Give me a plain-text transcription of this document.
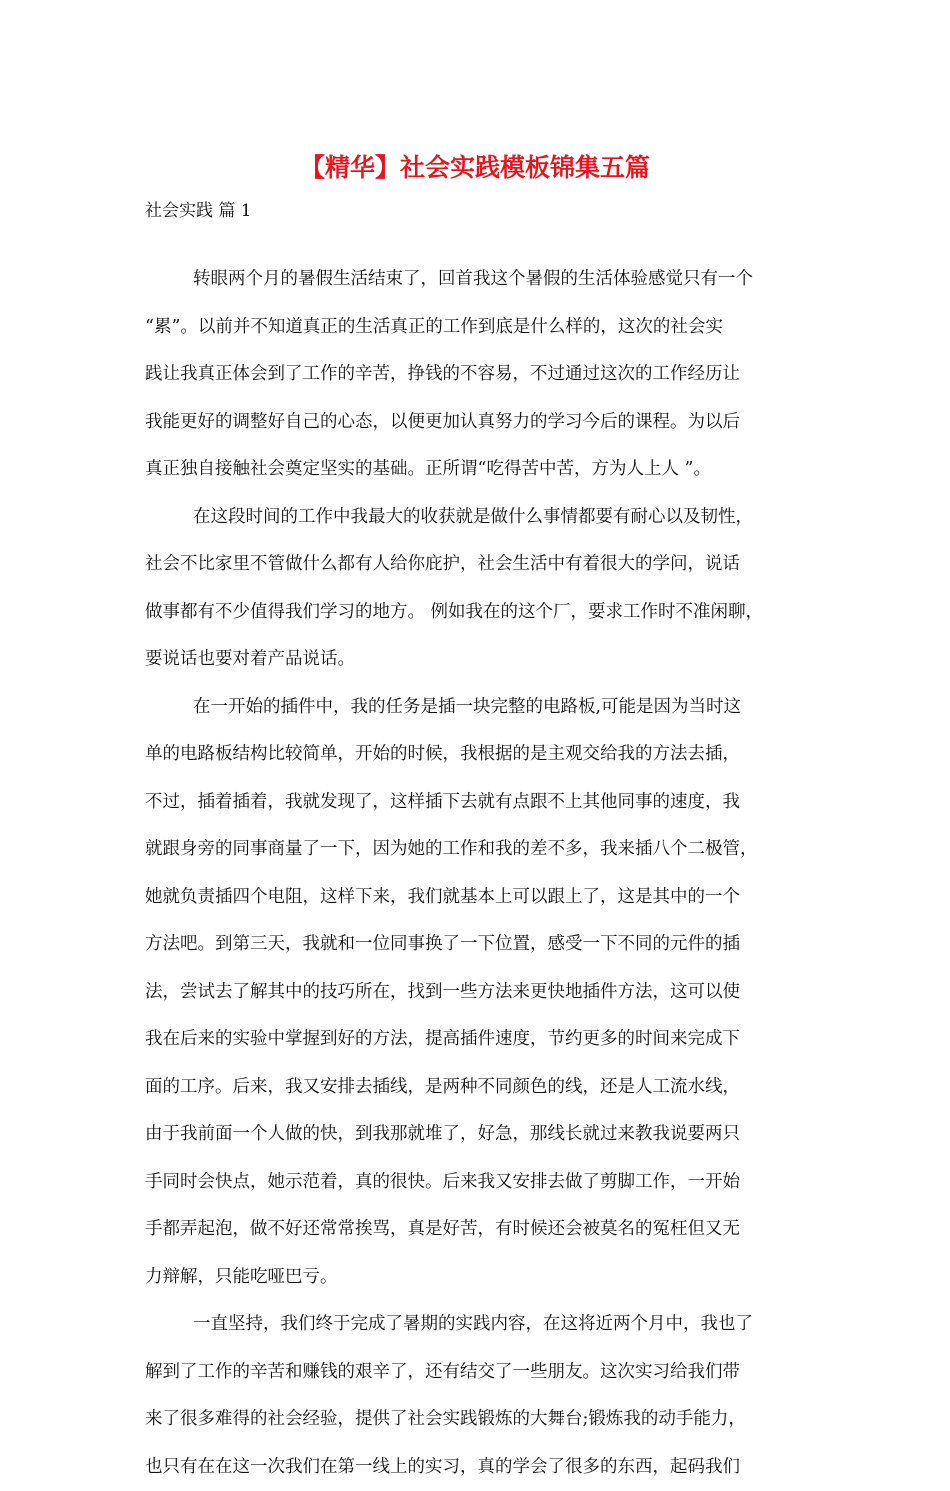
【精华】社会实践模板锦集五篇
社会实践 篇 1

转眼两个月的暑假生活结束了，回首我这个暑假的生活体验感觉只有一个
“累”。以前并不知道真正的生活真正的工作到底是什么样的，这次的社会实
践让我真正体会到了工作的辛苦，挣钱的不容易，不过通过这次的工作经历让
我能更好的调整好自己的心态，以便更加认真努力的学习今后的课程。为以后
真正独自接触社会奠定坚实的基础。正所谓“吃得苦中苦，方为人上人 ”。

在这段时间的工作中我最大的收获就是做什么事情都要有耐心以及韧性，
社会不比家里不管做什么都有人给你庇护，社会生活中有着很大的学问，说话
做事都有不少值得我们学习的地方。 例如我在的这个厂，要求工作时不准闲聊，
要说话也要对着产品说话。

在一开始的插件中，我的任务是插一块完整的电路板,可能是因为当时这
单的电路板结构比较简单，开始的时候，我根据的是主观交给我的方法去插，
不过，插着插着，我就发现了，这样插下去就有点跟不上其他同事的速度，我
就跟身旁的同事商量了一下，因为她的工作和我的差不多，我来插八个二极管，
她就负责插四个电阻，这样下来，我们就基本上可以跟上了，这是其中的一个
方法吧。到第三天，我就和一位同事换了一下位置，感受一下不同的元件的插
法，尝试去了解其中的技巧所在，找到一些方法来更快地插件方法，这可以使
我在后来的实验中掌握到好的方法，提高插件速度，节约更多的时间来完成下
面的工序。后来，我又安排去插线，是两种不同颜色的线，还是人工流水线，
由于我前面一个人做的快，到我那就堆了，好急，那线长就过来教我说要两只
手同时会快点，她示范着，真的很快。后来我又安排去做了剪脚工作，一开始
手都弄起泡，做不好还常常挨骂，真是好苦，有时候还会被莫名的冤枉但又无
力辩解，只能吃哑巴亏。

一直坚持，我们终于完成了暑期的实践内容，在这将近两个月中，我也了
解到了工作的辛苦和赚钱的艰辛了，还有结交了一些朋友。这次实习给我们带
来了很多难得的社会经验，提供了社会实践锻炼的大舞台;锻炼我的动手能力，
也只有在在这一次我们在第一线上的实习，真的学会了很多的东西，起码我们
